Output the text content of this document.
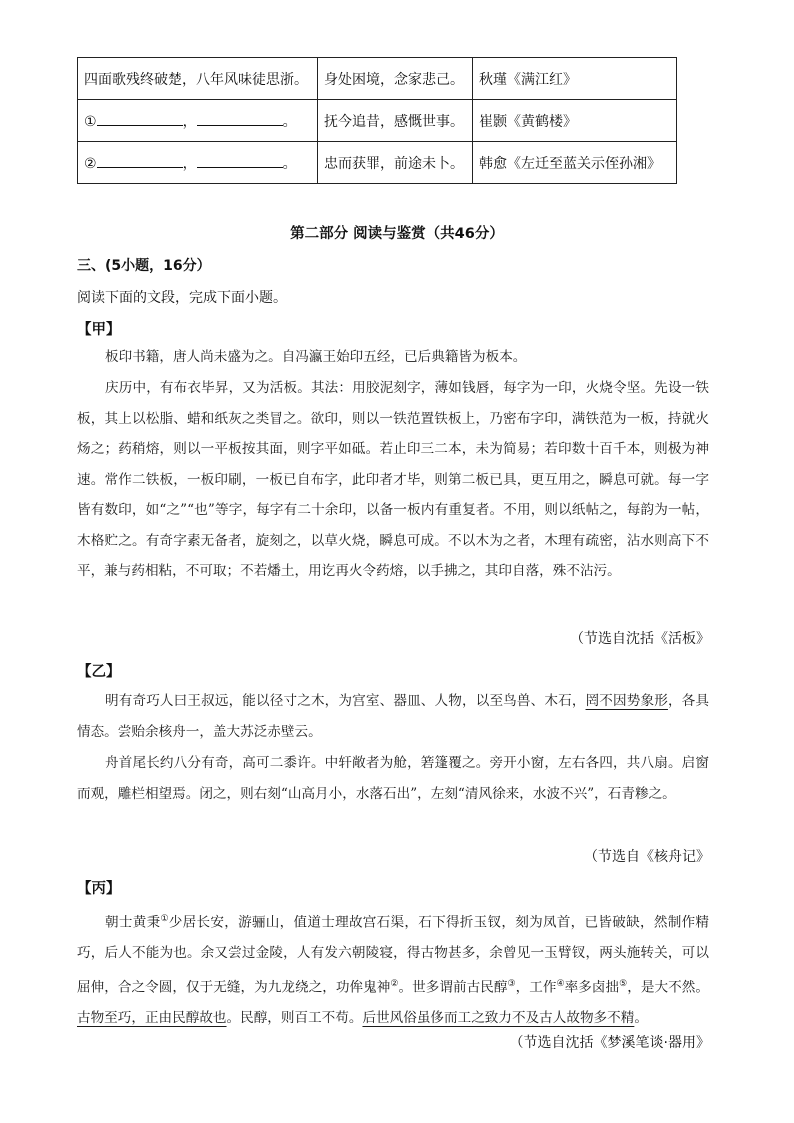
四面歌残终破楚，八年风味徒思浙。	身处困境，念家悲己。	秋瑾《满江红》
① ， 。	抚今追昔，感慨世事。	崔颢《黄鹤楼》
② ， 。	忠而获罪，前途未卜。	韩愈《左迁至蓝关示侄孙湘》
第二部分 阅读与鉴赏（共46分）
三、(5小题，16分）
阅读下面的文段，完成下面小题。
【甲】
板印书籍，唐人尚未盛为之。自冯瀛王始印五经，已后典籍皆为板本。
庆历中，有布衣毕昇，又为活板。其法：用胶泥刻字，薄如钱唇，每字为一印，火烧令坚。先设一铁板，其上以松脂、蜡和纸灰之类冒之。欲印，则以一铁范置铁板上，乃密布字印，满铁范为一板，持就火炀之；药稍熔，则以一平板按其面，则字平如砥。若止印三二本，未为简易；若印数十百千本，则极为神速。常作二铁板，一板印刷，一板已自布字，此印者才毕，则第二板已具，更互用之，瞬息可就。每一字皆有数印，如“之”“也”等字，每字有二十余印，以备一板内有重复者。不用，则以纸帖之，每韵为一帖，木格贮之。有奇字素无备者，旋刻之，以草火烧，瞬息可成。不以木为之者，木理有疏密，沾水则高下不平，兼与药相粘，不可取；不若燔土，用讫再火令药熔，以手拂之，其印自落，殊不沾污。
（节选自沈括《活板》
【乙】
明有奇巧人曰王叔远，能以径寸之木，为宫室、器皿、人物，以至鸟兽、木石，罔不因势象形，各具情态。尝贻余核舟一，盖大苏泛赤壁云。
舟首尾长约八分有奇，高可二黍许。中轩敞者为舱，箬篷覆之。旁开小窗，左右各四，共八扇。启窗而观，雕栏相望焉。闭之，则右刻“山高月小，水落石出”，左刻“清风徐来，水波不兴”，石青糁之。
（节选自《核舟记》
【丙】
朝士黄秉①少居长安，游骊山，值道士理故宫石渠，石下得折玉钗，刻为凤首，已皆破缺，然制作精巧，后人不能为也。余又尝过金陵，人有发六朝陵寝，得古物甚多，余曾见一玉臂钗，两头施转关，可以屈伸，合之令圆，仅于无缝，为九龙绕之，功侔鬼神②。世多谓前古民醇③，工作④率多卤拙⑤，是大不然。古物至巧，正由民醇故也。民醇，则百工不苟。后世风俗虽侈而工之致力不及古人故物多不精。
（节选自沈括《梦溪笔谈·器用》
